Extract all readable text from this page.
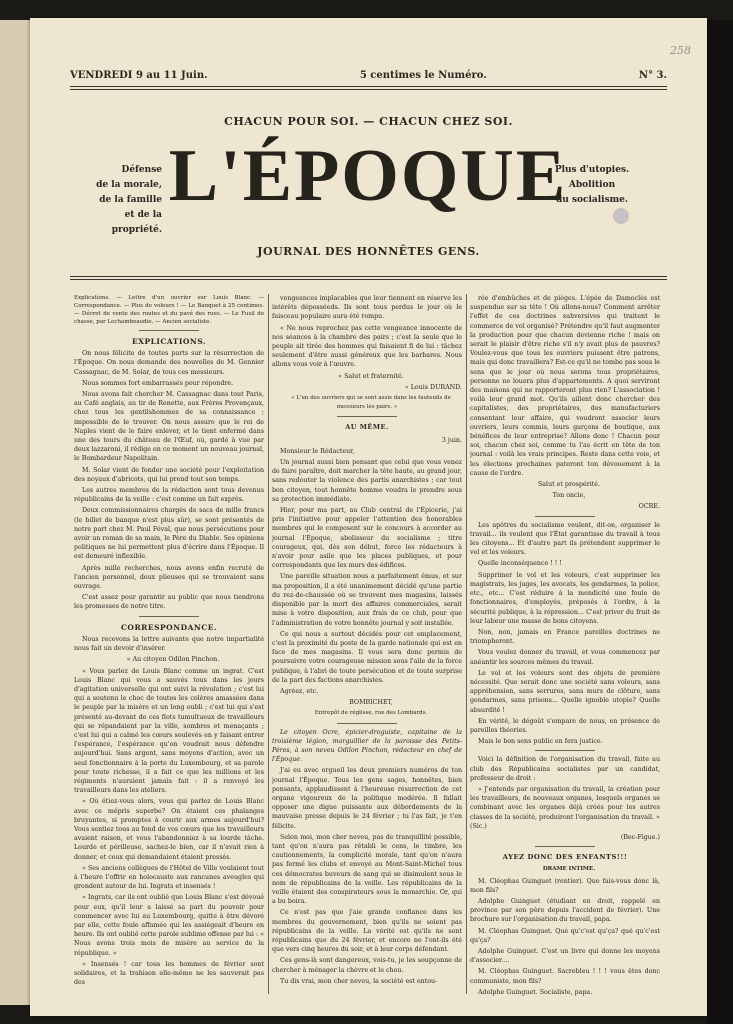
VENDREDI 9 au 11 Juin.	5 centimes le Numéro.	N° 3.
258
CHACUN POUR SOI. — CHACUN CHEZ SOI.
Défense
de la morale,
de la famille
et de la propriété.
L'ÉPOQUE
Plus d'utopies.
Abolition
du socialisme.
JOURNAL DES HONNÊTES GENS.

Explications. — Lettre d'un ouvrier sur Louis Blanc. — Correspondance. — Plus de voleurs ! — Le Banquet à 25 centimes. — Décret de vente des routes et du pavé des rues. — Le Fusil de chasse, par Lochambeaudie. — Ancien socialiste.

EXPLICATIONS.

On nous félicite de toutes parts sur la résurrection de l'Époque. On nous demande des nouvelles de M. Gennier Cassagnac, de M. Solar, de tous ces messieurs.

Nous sommes fort embarrassés pour répondre.

Nous avons fait chercher M. Cassagnac dans tout Paris, au Café anglais, au tir de Renette, aux Frères Provençaux, chez tous les gentilshommes de sa connaissance ; impossible de le trouver. On nous assure que le roi de Naples vient de le faire enlever, et le tient enfermé dans une des tours du château de l'Œuf, où, gardé à vue par deux lazzaroni, il rédige en ce moment un nouveau journal, le Bombardeur Napolitain.

M. Solar vient de fonder une société pour l'exploitation des noyaux d'abricots, qui lui prend tout son temps.

Les autres membres de la rédaction sont tous devenus républicains de la veille : c'est comme un fait exprès.

Deux commissionnaires chargés de sacs de mille francs (le billet de banque n'est plus sûr), se sont présentés de notre part chez M. Paul Féval, que nous persécutions pour avoir un roman de sa main, le Père du Diable. Ses opinions politiques ne lui permettent plus d'écrire dans l'Époque. Il est demeuré inflexible.

Après mille recherches, nous avons enfin recruté de l'ancien personnel, deux plieuses qui se trouvaient sans ouvrage.

C'est assez pour garantir au public que nous tiendrons les promesses de notre titre.

CORRESPONDANCE.

Nous recevons la lettre suivante que notre impartialité nous fait un devoir d'insérer.

« Au citoyen Odilon Pinchon.

« Vous parlez de Louis Blanc comme un ingrat. C'est Louis Blanc qui vous a sauvés tous dans les jours d'agitation universelle qui ont suivi la révolution ; c'est lui qui a soutenu le choc de toutes les colères amassées dans le peuple par la misère et un long oubli ; c'est lui qui s'est présenté au-devant de ces flots tumultueux de travailleurs qui se répandaient par la ville, sombres et menaçants ; c'est lui qui a calmé les cœurs soulevés en y faisant entrer l'espérance, l'espérance qu'on voudrait nous défendre aujourd'hui. Sans argent, sans moyens d'action, avec un seul fonctionnaire à la porte du Luxembourg, et sa parole pour toute richesse, il a fait ce que les millions et les régiments n'auraient jamais fait : il a renvoyé les travailleurs dans les ateliers.

« Où étiez-vous alors, vous qui parlez de Louis Blanc avec ce mépris superbe? On étaient ces phalanges bruyantes, si promptes à courir aux armes aujourd'hui? Vous sentiez tous au fond de vos cœurs que les travailleurs avaient raison, et vous l'abandonniez à sa lourde tâche. Lourde et périlleuse, sachez-le bien, car il n'avait rien à donner, et ceux qui demandaient étaient pressés.

« Ses anciens collègues de l'Hôtel de Ville voulaient tout à l'heure l'offrir en holocauste aux rancunes aveugles qui grondent autour de lui. Ingrats et insensés !

« Ingrats, car ils ont oublié que Louis Blanc s'est dévoué pour eux, qu'il leur a laissé sa part du pouvoir pour commencer avec lui au Luxembourg, quitte à être dévoré par elle, cette foule affamée qui les assiégeait d'heure en heure. Ils ont oublié cette parole sublime offense par lui : « Nous avons trois mois de misère au service de la république. »

« Insensés ! car tous les hommes de février sont solidaires, et la trahison elle-même ne les sauverait pas des

vengeances implacables que leur tiennent en réserve les intérêts déposséeds. Ils sont tous perdus le jour où le faisceau populaire aura été rompu.

« Ne nous reprochez pas cette vengeance innocente de nos séances à la chambre des pairs ; c'est la seule que le peuple ait tirée des hommes qui faisaient fi de lui : tâchez seulement d'être aussi généreux que les barbares. Nous allons vous voir à l'œuvre.

« Salut et fraternité.

« Louis DURAND.

« L'un des ouvriers qui se sont assis dans les fauteuils de messieurs les pairs. »

AU MÊME.

3 juin.

Monsieur le Rédacteur,

Un journal aussi bien pensant que celui que vous venez de faire paraître, doit marcher la tête haute, au grand jour, sans redouter la violence des partis anarchistes ; car tout bon citoyen, tout honnête homme voudra le prendre sous sa protection immédiate.

Hier, pour ma part, au Club central de l'Épicerie, j'ai pris l'initiative pour appeler l'attention des honorables membres qui le composent sur le concours à accorder au journal l'Époque, abolisseur du socialisme ; titre courageux, qui, dès son début, force les rédacteurs à n'avoir pour asile que les places publiques, et pour correspondants que les murs des édifices.

Une pareille situation nous a parfaitement émus, et sur ma proposition, il a été unanimement décidé qu'une partie du rez-de-chaussée où se trouvent mes magasins, laissés disponible par la mort des affaires commerciales, serait mise à votre disposition, aux frais de ce club, pour que l'administration de votre honnête journal y soit installée.

Ce qui nous a surtout décidés pour cet emplacement, c'est la proximité du poste de la garde nationale qui est en face de mes magasins. Il vous sera donc permis de poursuivre votre courageuse mission sous l'aile de la force publique, à l'abri de toute persécution et de toute surprise de la part des factions anarchistes.

Agréez, etc.

BOMBICHET,

Entrepôt de réglisse, rue des Lombards.

Le citoyen Ocre, épicier-droguiste, capitaine de la troisième légion, marguillier de la paroisse des Petits-Pères, à son neveu Odilon Pinchon, rédacteur en chef de l'Époque.

J'ai eu avec orgueil les deux premiers numéros de ton journal l'Époque. Tous les gens sages, honnêtes, bien pensants, applaudissent à l'heureuse résurrection de cet organe vigoureux de la politique modérée. Il fallait opposer une digue puissante aux débordements de la mauvaise presse depuis le 24 février ; tu l'as fait, je t'en félicite.

Selon moi, mon cher neveu, pas de tranquillité possible, tant qu'on n'aura pas rétabli le cens, le timbre, les cautionnements, la complicité morale, tant qu'on n'aura pas fermé les clubs et envoyé au Mont-Saint-Michel tous ces démocrates buveurs de sang qui se disimulent sous le nom de républicains de la veille. Les républicains de la veille étaient des conspirateurs sous la monarchie. Or, qui a bu boira.

Ce n'est pas que j'aie grande confiance dans les membres du gouvernement, bien qu'ils ne soient pas républicains de la veille. La vérité est qu'ils ne sont républicains que du 24 février, et encore ne l'ont-ils été que vers cinq heures du soir, et à leur corps défendant.

Ces gens-là sont dangereux, vois-tu, je les soupçonne de chercher à ménager la chèvre et le chou.

Tu dis vrai, mon cher neveu, la société est entou-

rée d'embûches et de pièges. L'épée de Damoclès est suspendue sur sa tête ! Où allons-nous? Comment arrêter l'effet de ces doctrines subversives qui traitent le commerce de vol organisé? Prétendre qu'il faut augmenter la production pour que chacun devienne riche ! mais on serait le plaisir d'être riche s'il n'y avait plus de pauvres? Voulez-vous que tous les ouvriers puissent être patrons, mais qui donc travaillera? Est-ce qu'il ne tombe pas sous le sens que le jour où nous serons tous propriétaires, personne ne louera plus d'appartements. A quoi serviront des maisons qui ne rapporteront plus rien? L'association ! voilà leur grand mot. Qu'ils aillent donc chercher des capitalistes, des propriétaires, des manufacturiers consentant leur affaire, qui voudront associer leurs ouvriers, leurs commis, leurs garçons de boutique, aux bénéfices de leur entreprise? Allons donc ! Chacun pour soi, chacun chez soi, comme tu l'as écrit en tête de ton journal : voilà les vrais principes. Reste dans cette voie, et les élections prochaines pateront ton dévouement à la cause de l'ordre.

Salut et prospérité.

Ton oncle,

OCRE.

Les apôtres du socialisme veulent, dit-on, organiser le travail... ils veulent que l'État garantisse du travail à tous les citoyens... Et d'autre part ils prétendent supprimer le vol et les voleurs.

Quelle inconséquence ! ! !

Supprimer le vol et les voleurs, c'est supprimer les magistrats, les juges, les avocats, les gendarmes, la police, etc., etc... C'est réduire à la mendicité une foule de fonctionnaires, d'employés, préposés à l'ordre, à la sécurité publique, à la répression... C'est priver du fruit de leur labeur une masse de bons citoyens.

Non, non, jamais en France pareilles doctrines ne triompheront.

Vous voulez donner du travail, et vous commencez par anéantir les sources mêmes du travail.

Le vol et les voleurs sont des objets de première nécessité. Que serait donc une société sans voleurs, sans appréhension, sans serrures, sans murs de clôture, sans gendarmes, sans prisons... Quelle ignoble utopie? Quelle absurdité !

En vérité, le dégoût s'empare de nous, en présence de pareilles théories.

Mais le bon sens public en fera justice.

Voici la définition de l'organisation du travail, faite au club des Républicains socialistes par un candidat, professeur de droit :

« J'entends par organisation du travail, la création pour les travailleurs, de nouveaux organes, lesquels organes se combinant avec les organes déjà créés pour les autres classes de la société, produiront l'organisation du travail. » (Sic.)

(Bec-Figue.)

AYEZ DONC DES ENFANTS!!!

DRAME INTIME.

M. Cléophas Guinguet (rentier). Que fais-vous donc là, mon fils?

Adolphe Guinguet (étudiant en droit, rappelé en province par son père depuis l'accident de février). Une brochure sur l'organisation du travail, papa.

M. Cléophas Guinguet. Qué qu'c'est qu'ça? qué qu'c'est qu'ça?

Adolphe Guinguet. C'est un livre qui donne les moyens d'associer....

M. Cléophas Guinguet. Sacrebleu ! ! ! vous êtes donc communiste, mon fils?

Adolphe Guinguet. Socialiste, papa.
